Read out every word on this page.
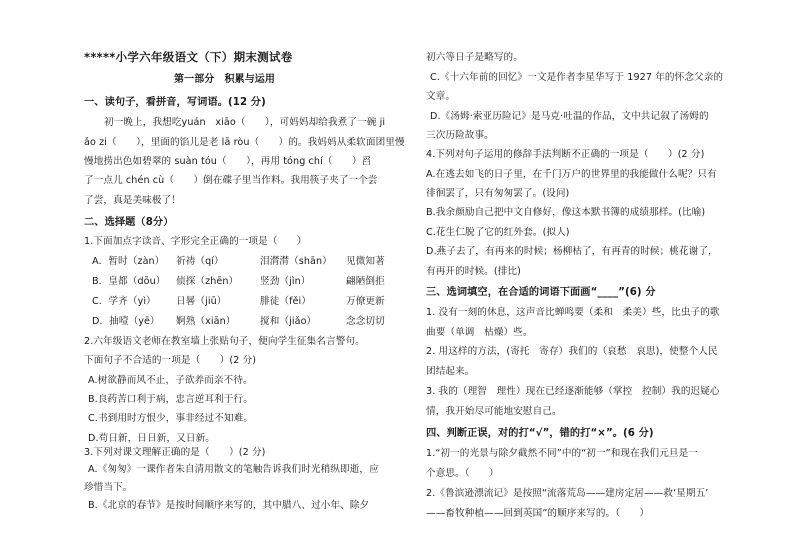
*****小学六年级语文（下）期末测试卷
第一部分　积累与运用
一、读句子，看拼音，写词语。(12 分)
初一晚上，我想吃yuán　xiāo（　　），可妈妈却给我煮了一碗 ji
ǎo zi（　　），里面的馅儿是老 lā ròu（　　）的。我妈妈从柔软面团里慢
慢地捞出色如碧翠的 suàn tóu（　　），再用 tóng chí（　　）舀
了一点儿 chén cù（　　）倒在碟子里当作料。我用筷子夹了一个尝
了尝，真是美味极了！
二、选择题（8分）
1.下面加点字读音、字形完全正确的一项是（　　）
A．暂时（zàn） 祈祷（qí）	泪潸潸（shān） 见微知著
B．皇都（dōu） 侦探（zhēn） 竖劲（jìn）	翩陋倒拒
C．学齐（yì） 日晷（jiū）	腓徒（fěi）	万僚更新
D．抽噎（yē） 婀熟（xiān）	搅和（jiǎo）	念念切切
2.六年级语文老师在教室墙上张贴句子，便向学生征集名言警句。
下面句子不合适的一项是（　　）(2 分)
A.树欲静而风不止，子欲养而亲不待。
B.良药苦口利于病，忠言逆耳利于行。
C.书到用时方恨少，事非经过不知难。
D.苟日新，日日新，又日新。
3.下列对课文理解正确的是（　　）(2 分)
A.《匆匆》一课作者朱自清用散文的笔触告诉我们时光稍纵即逝，应
珍惜当下。
B.《北京的春节》是按时间顺序来写的，其中腊八、过小年、除夕
初六等日子是略写的。
C.《十六年前的回忆》一文是作者李星华写于 1927 年的怀念父亲的
文章。
D.《汤姆·索亚历险记》是马克·吐温的作品，文中共记叙了汤姆的
三次历险故事。
4.下列对句子运用的修辞手法判断不正确的一项是（　　）(2 分)
A.在逃去如飞的日子里，在千门万户的世界里的我能做什么呢？只有
徘徊罢了，只有匆匆罢了。(设问)
B.我余颜励自己把中文自修好，像这本默书簿的成绩那样。(比喻)
C.花生仁脱了它的红外套。(拟人)
D.燕子去了，有再来的时候；杨柳枯了，有再青的时候；桃花谢了，
有再开的时候。(排比)
三、选词填空，在合适的词语下面画“____”(6) 分
1. 没有一刻的休息，这声音比蝉鸣要（柔和　柔美）些，比虫子的歌
曲要（单调　枯燥）些。
2. 用这样的方法，(寄托　寄存）我们的（哀愁　哀思)，使整个人民
团结起来。
3. 我的（理智　理性）现在已经逐渐能够（掌控　控制）我的迟疑心
情，我开始尽可能地安慰自己。
四、判断正误，对的打“√”，错的打“×”。(6 分)
1.“初一的光景与除夕截然不同”中的“初一”和现在我们元旦是一
个意思。（　　）
2.《鲁滨逊漂流记》是按照“流落荒岛——建房定居——救‘星期五’
——畜牧种植——回到英国”的顺序来写的。（　　）
